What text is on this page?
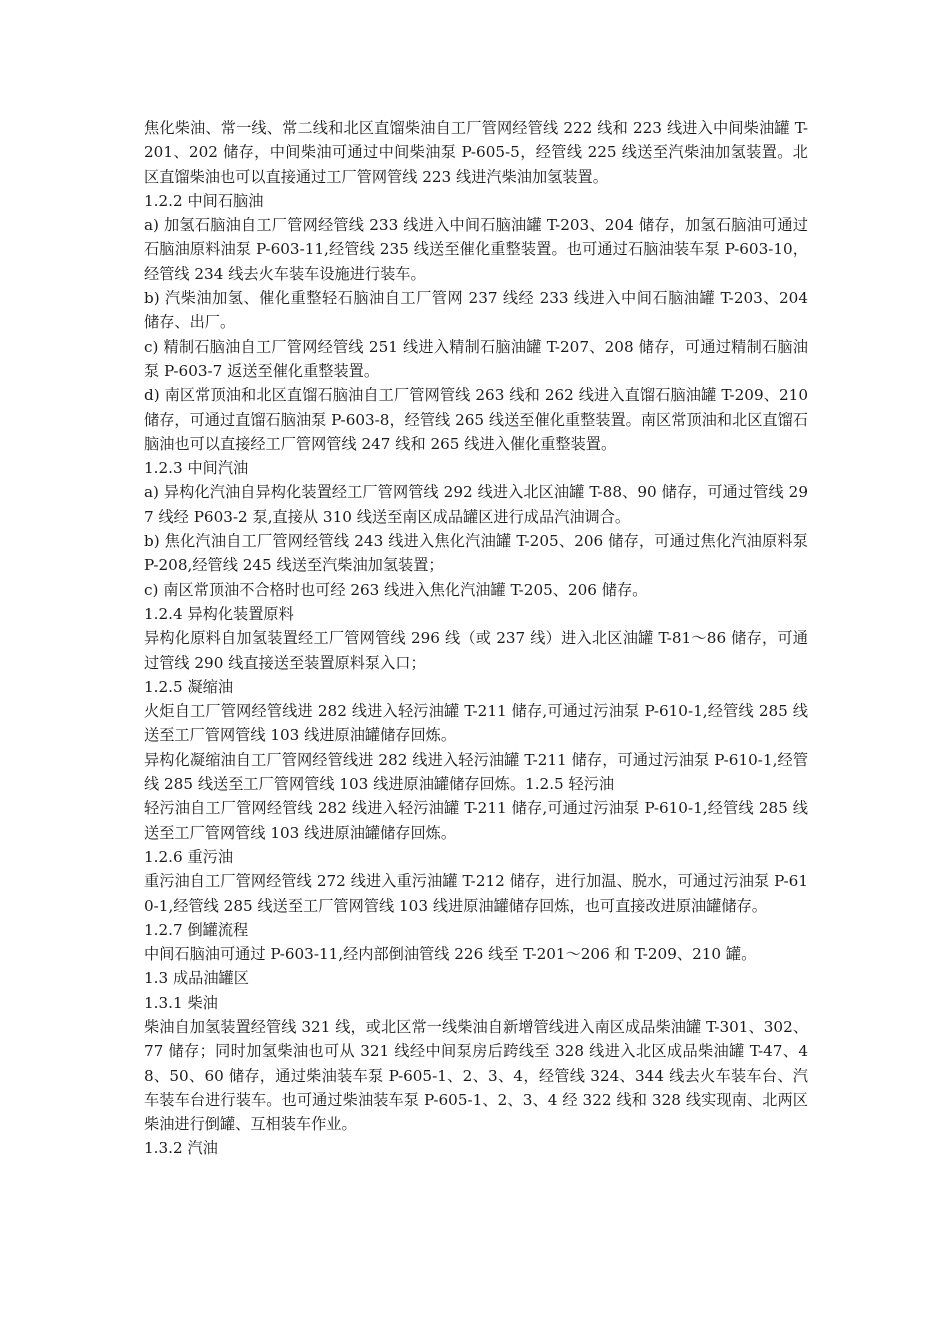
焦化柴油、常一线、常二线和北区直馏柴油自工厂管网经管线 222 线和 223 线进入中间柴油罐 T-201、202 储存，中间柴油可通过中间柴油泵 P-605-5，经管线 225 线送至汽柴油加氢装置。北区直馏柴油也可以直接通过工厂管网管线 223 线进汽柴油加氢装置。

1.2.2 中间石脑油

a) 加氢石脑油自工厂管网经管线 233 线进入中间石脑油罐 T-203、204 储存，加氢石脑油可通过石脑油原料油泵 P-603-11,经管线 235 线送至催化重整装置。也可通过石脑油装车泵 P-603-10，经管线 234 线去火车装车设施进行装车。

b) 汽柴油加氢、催化重整轻石脑油自工厂管网 237 线经 233 线进入中间石脑油罐 T-203、204 储存、出厂。

c) 精制石脑油自工厂管网经管线 251 线进入精制石脑油罐 T-207、208 储存，可通过精制石脑油泵 P-603-7 返送至催化重整装置。

d) 南区常顶油和北区直馏石脑油自工厂管网管线 263 线和 262 线进入直馏石脑油罐 T-209、210 储存，可通过直馏石脑油泵 P-603-8，经管线 265 线送至催化重整装置。南区常顶油和北区直馏石脑油也可以直接经工厂管网管线 247 线和 265 线进入催化重整装置。

1.2.3 中间汽油

a) 异构化汽油自异构化装置经工厂管网管线 292 线进入北区油罐 T-88、90 储存，可通过管线 297 线经 P603-2 泵,直接从 310 线送至南区成品罐区进行成品汽油调合。

b) 焦化汽油自工厂管网经管线 243 线进入焦化汽油罐 T-205、206 储存，可通过焦化汽油原料泵 P-208,经管线 245 线送至汽柴油加氢装置；

c) 南区常顶油不合格时也可经 263 线进入焦化汽油罐 T-205、206 储存。

1.2.4 异构化装置原料

异构化原料自加氢装置经工厂管网管线 296 线（或 237 线）进入北区油罐 T-81～86 储存，可通过管线 290 线直接送至装置原料泵入口；

1.2.5 凝缩油

火炬自工厂管网经管线进 282 线进入轻污油罐 T-211 储存,可通过污油泵 P-610-1,经管线 285 线送至工厂管网管线 103 线进原油罐储存回炼。

异构化凝缩油自工厂管网经管线进 282 线进入轻污油罐 T-211 储存，可通过污油泵 P-610-1,经管线 285 线送至工厂管网管线 103 线进原油罐储存回炼。1.2.5 轻污油

轻污油自工厂管网经管线 282 线进入轻污油罐 T-211 储存,可通过污油泵 P-610-1,经管线 285 线送至工厂管网管线 103 线进原油罐储存回炼。

1.2.6 重污油

重污油自工厂管网经管线 272 线进入重污油罐 T-212 储存，进行加温、脱水，可通过污油泵 P-610-1,经管线 285 线送至工厂管网管线 103 线进原油罐储存回炼，也可直接改进原油罐储存。

1.2.7 倒罐流程

中间石脑油可通过 P-603-11,经内部倒油管线 226 线至 T-201～206 和 T-209、210 罐。

1.3 成品油罐区

1.3.1 柴油

柴油自加氢装置经管线 321 线，或北区常一线柴油自新增管线进入南区成品柴油罐 T-301、302、77 储存；同时加氢柴油也可从 321 线经中间泵房后跨线至 328 线进入北区成品柴油罐 T-47、48、50、60 储存，通过柴油装车泵 P-605-1、2、3、4，经管线 324、344 线去火车装车台、汽车装车台进行装车。也可通过柴油装车泵 P-605-1、2、3、4 经 322 线和 328 线实现南、北两区柴油进行倒罐、互相装车作业。

1.3.2 汽油
